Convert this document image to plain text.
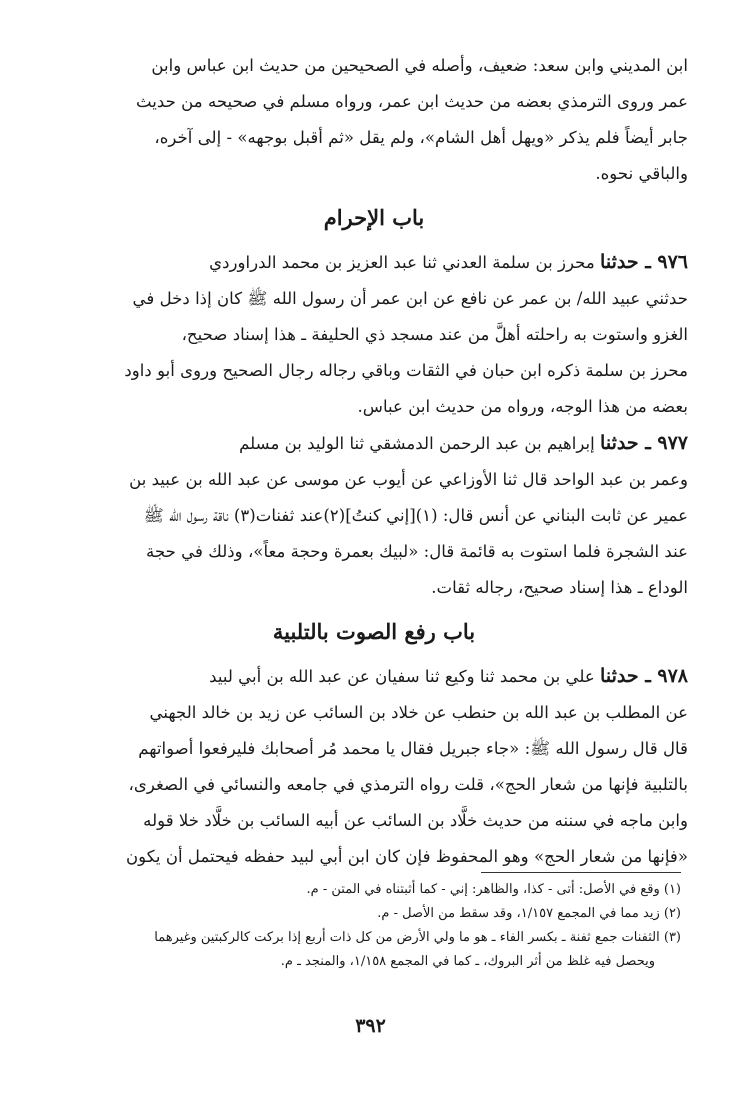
ابن المديني وابن سعد: ضعيف، وأصله في الصحيحين من حديث ابن عباس وابن

عمر وروى الترمذي بعضه من حديث ابن عمر، ورواه مسلم في صحيحه من حديث

جابر أيضاً فلم يذكر «ويهل أهل الشام»، ولم يقل «ثم أقبل بوجهه» - إلى آخره،

والباقي نحوه.

باب الإحرام

٩٧٦ ـ حدثنا محرز بن سلمة العدني ثنا عبد العزيز بن محمد الدراوردي

حدثني عبيد الله/ بن عمر عن نافع عن ابن عمر أن رسول الله ﷺ كان إذا دخل في

الغزو واستوت به راحلته أهلَّ من عند مسجد ذي الحليفة ـ هذا إسناد صحيح،

محرز بن سلمة ذكره ابن حبان في الثقات وباقي رجاله رجال الصحيح وروى أبو داود

بعضه من هذا الوجه، ورواه من حديث ابن عباس.

٩٧٧ ـ حدثنا إبراهيم بن عبد الرحمن الدمشقي ثنا الوليد بن مسلم

وعمر بن عبد الواحد قال ثنا الأوزاعي عن أيوب عن موسى عن عبد الله بن عبيد بن

عمير عن ثابت البناني عن أنس قال: (١)[إني كنتُ](٢)عند ثفنات(٣) ناقة رسول الله ﷺ

عند الشجرة فلما استوت به قائمة قال: «لبيك بعمرة وحجة معاً»، وذلك في حجة

الوداع ـ هذا إسناد صحيح، رجاله ثقات.

باب رفع الصوت بالتلبية

٩٧٨ ـ حدثنا علي بن محمد ثنا وكيع ثنا سفيان عن عبد الله بن أبي لبيد

عن المطلب بن عبد الله بن حنطب عن خلاد بن السائب عن زيد بن خالد الجهني

قال قال رسول الله ﷺ: «جاء جبريل فقال يا محمد مُر أصحابك فليرفعوا أصواتهم

بالتلبية فإنها من شعار الحج»، قلت رواه الترمذي في جامعه والنسائي في الصغرى،

وابن ماجه في سننه من حديث خلَّاد بن السائب عن أبيه السائب بن خلَّاد خلا قوله

«فإنها من شعار الحج» وهو المحفوظ فإن كان ابن أبي لبيد حفظه فيحتمل أن يكون

(١) وقع في الأصل: أتى - كذا، والظاهر: إني - كما أثبتناه في المتن - م.

(٢) زيد مما في المجمع ١/١٥٧، وقد سقط من الأصل - م.

(٣) الثفنات جمع ثفنة ـ بكسر الفاء ـ هو ما ولي الأرض من كل ذات أربع إذا بركت كالركبتين وغيرهما

ويحصل فيه غلظ من أثر البروك، ـ كما في المجمع ١/١٥٨، والمنجد ـ م.

٣٩٢
